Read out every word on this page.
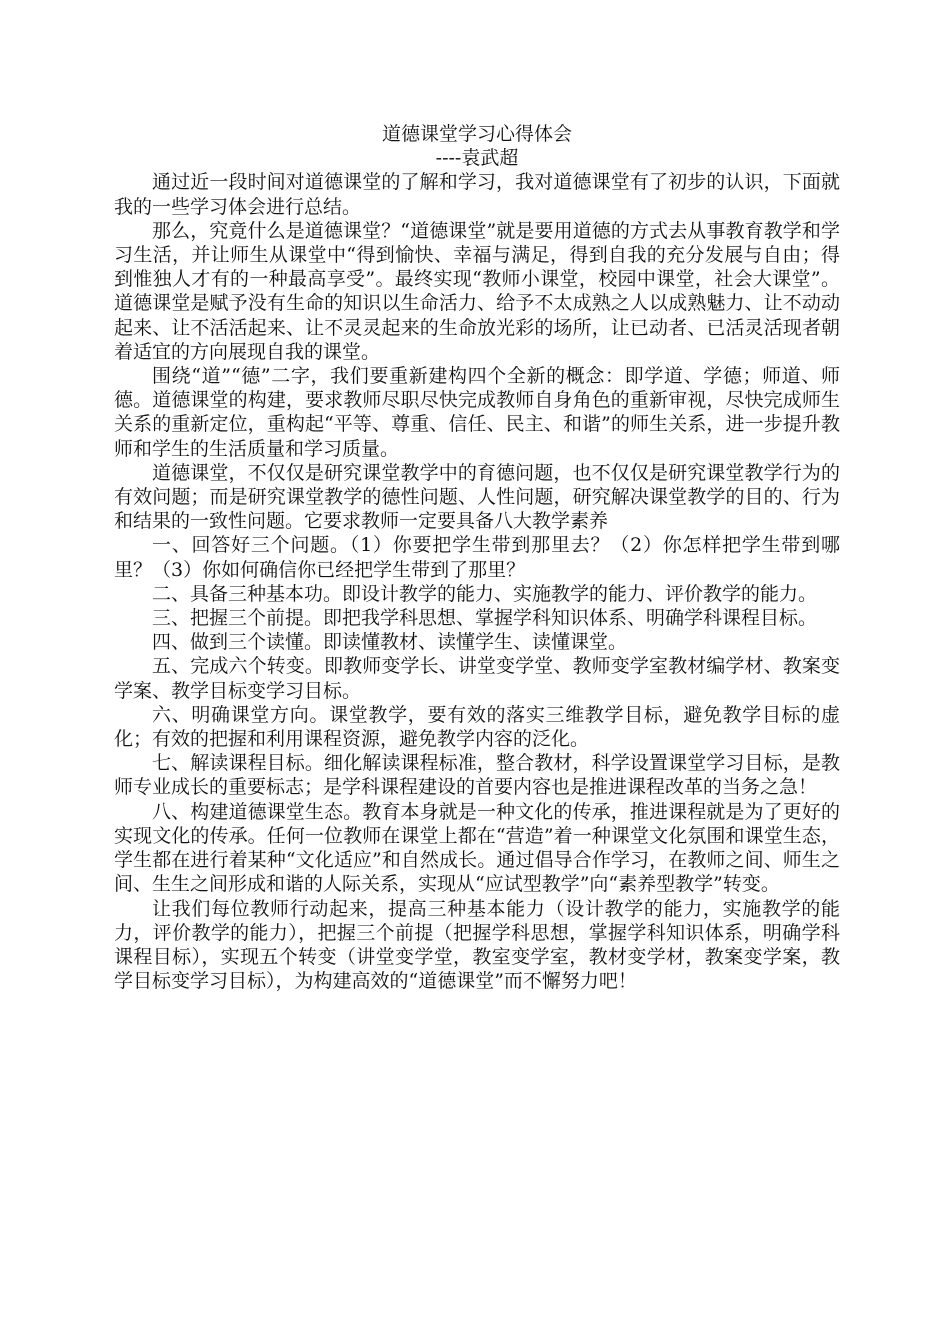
道德课堂学习心得体会

----袁武超

通过近一段时间对道德课堂的了解和学习，我对道德课堂有了初步的认识，下面就我的一些学习体会进行总结。

那么，究竟什么是道德课堂？“道德课堂”就是要用道德的方式去从事教育教学和学习生活，并让师生从课堂中“得到愉快、幸福与满足，得到自我的充分发展与自由；得到惟独人才有的一种最高享受”。最终实现“教师小课堂，校园中课堂，社会大课堂”。道德课堂是赋予没有生命的知识以生命活力、给予不太成熟之人以成熟魅力、让不动动起来、让不活活起来、让不灵灵起来的生命放光彩的场所，让已动者、已活灵活现者朝着适宜的方向展现自我的课堂。

围绕“道”“德”二字，我们要重新建构四个全新的概念：即学道、学德；师道、师德。道德课堂的构建，要求教师尽职尽快完成教师自身角色的重新审视，尽快完成师生关系的重新定位，重构起“平等、尊重、信任、民主、和谐”的师生关系，进一步提升教师和学生的生活质量和学习质量。

道德课堂，不仅仅是研究课堂教学中的育德问题，也不仅仅是研究课堂教学行为的有效问题；而是研究课堂教学的德性问题、人性问题，研究解决课堂教学的目的、行为和结果的一致性问题。它要求教师一定要具备八大教学素养

一、回答好三个问题。（1）你要把学生带到那里去？（2）你怎样把学生带到哪里？（3）你如何确信你已经把学生带到了那里？

二、具备三种基本功。即设计教学的能力、实施教学的能力、评价教学的能力。

三、把握三个前提。即把我学科思想、掌握学科知识体系、明确学科课程目标。

四、做到三个读懂。即读懂教材、读懂学生、读懂课堂。

五、完成六个转变。即教师变学长、讲堂变学堂、教师变学室教材编学材、教案变学案、教学目标变学习目标。

六、明确课堂方向。课堂教学，要有效的落实三维教学目标，避免教学目标的虚化；有效的把握和利用课程资源，避免教学内容的泛化。

七、解读课程目标。细化解读课程标准，整合教材，科学设置课堂学习目标，是教师专业成长的重要标志；是学科课程建设的首要内容也是推进课程改革的当务之急！

八、构建道德课堂生态。教育本身就是一种文化的传承，推进课程就是为了更好的实现文化的传承。任何一位教师在课堂上都在“营造”着一种课堂文化氛围和课堂生态，学生都在进行着某种“文化适应”和自然成长。通过倡导合作学习，在教师之间、师生之间、生生之间形成和谐的人际关系，实现从“应试型教学”向“素养型教学”转变。

让我们每位教师行动起来，提高三种基本能力（设计教学的能力，实施教学的能力，评价教学的能力），把握三个前提（把握学科思想，掌握学科知识体系，明确学科课程目标），实现五个转变（讲堂变学堂，教室变学室，教材变学材，教案变学案，教学目标变学习目标），为构建高效的“道德课堂”而不懈努力吧！
